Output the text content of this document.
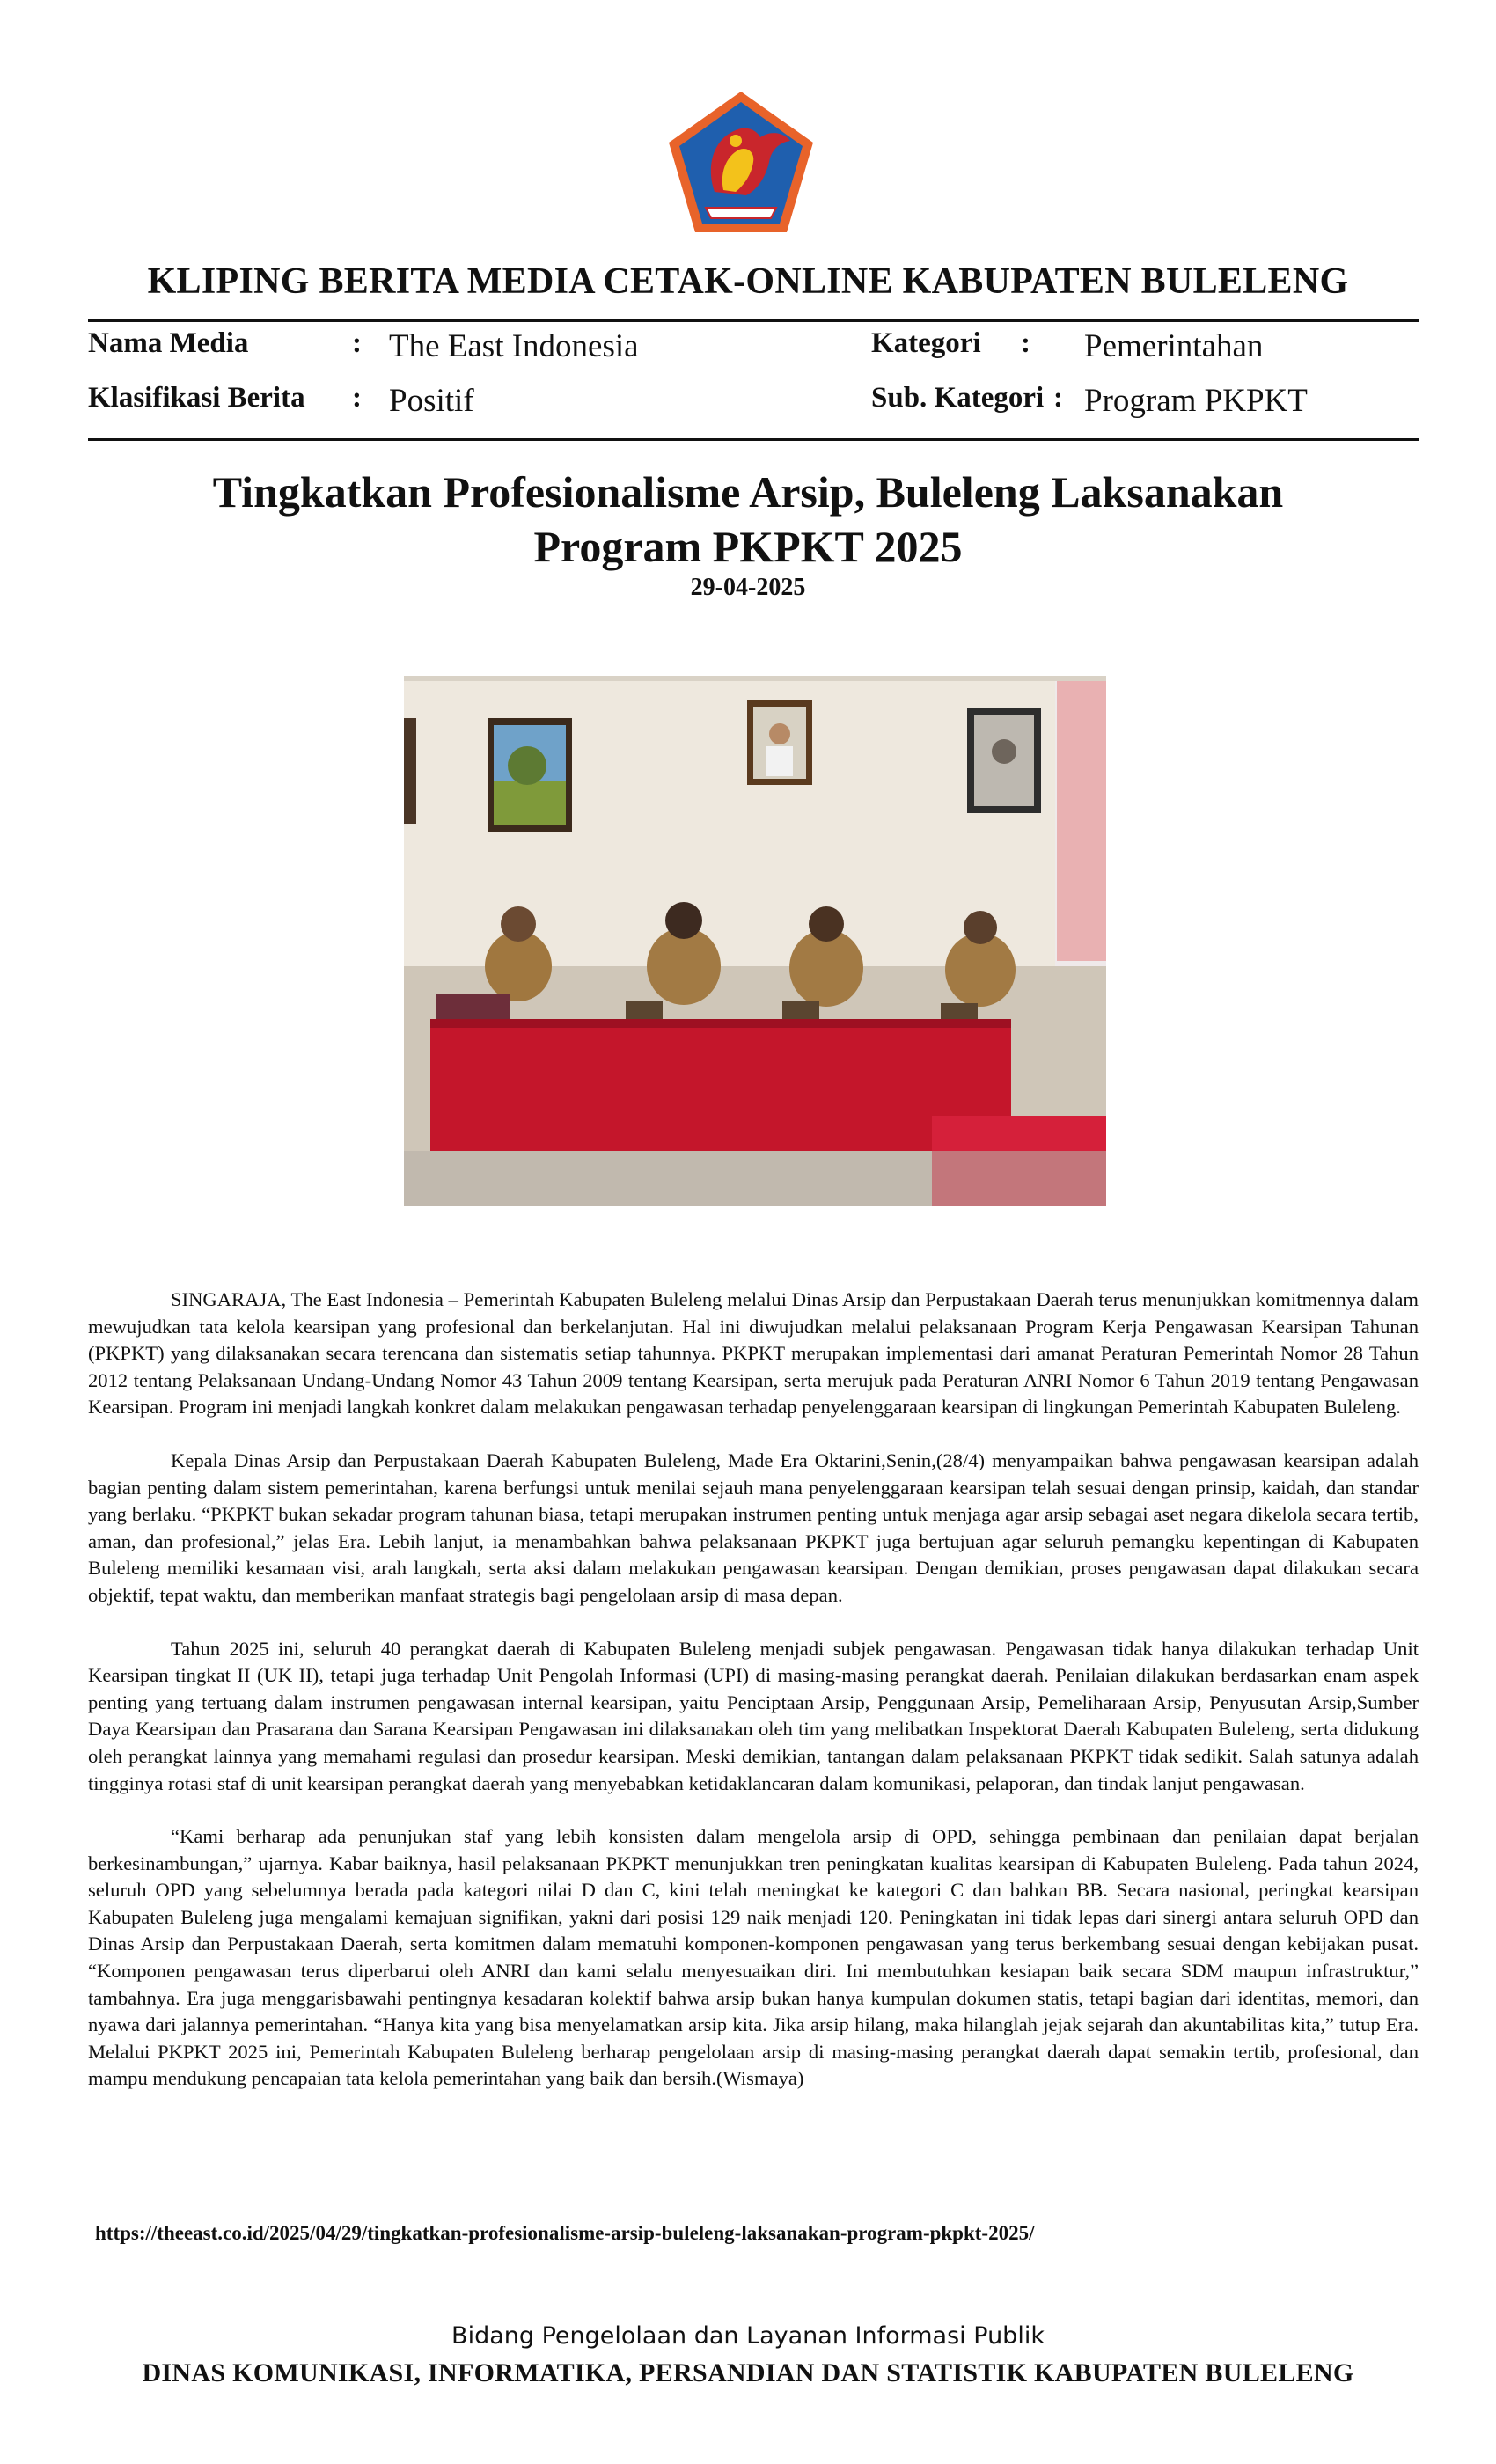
KLIPING BERITA MEDIA CETAK-ONLINE KABUPATEN BULELENG
Nama Media	: The East Indonesia	Kategori : Pemerintahan
Klasifikasi Berita : Positif	Sub. Kategori : Program PKPKT
Tingkatkan Profesionalisme Arsip, Buleleng Laksanakan Program PKPKT 2025
29-04-2025

SINGARAJA, The East Indonesia – Pemerintah Kabupaten Buleleng melalui Dinas Arsip dan Perpustakaan Daerah terus menunjukkan komitmennya dalam mewujudkan tata kelola kearsipan yang profesional dan berkelanjutan. Hal ini diwujudkan melalui pelaksanaan Program Kerja Pengawasan Kearsipan Tahunan (PKPKT) yang dilaksanakan secara terencana dan sistematis setiap tahunnya. PKPKT merupakan implementasi dari amanat Peraturan Pemerintah Nomor 28 Tahun 2012 tentang Pelaksanaan Undang-Undang Nomor 43 Tahun 2009 tentang Kearsipan, serta merujuk pada Peraturan ANRI Nomor 6 Tahun 2019 tentang Pengawasan Kearsipan. Program ini menjadi langkah konkret dalam melakukan pengawasan terhadap penyelenggaraan kearsipan di lingkungan Pemerintah Kabupaten Buleleng.

Kepala Dinas Arsip dan Perpustakaan Daerah Kabupaten Buleleng, Made Era Oktarini,Senin,(28/4) menyampaikan bahwa pengawasan kearsipan adalah bagian penting dalam sistem pemerintahan, karena berfungsi untuk menilai sejauh mana penyelenggaraan kearsipan telah sesuai dengan prinsip, kaidah, dan standar yang berlaku. “PKPKT bukan sekadar program tahunan biasa, tetapi merupakan instrumen penting untuk menjaga agar arsip sebagai aset negara dikelola secara tertib, aman, dan profesional,” jelas Era. Lebih lanjut, ia menambahkan bahwa pelaksanaan PKPKT juga bertujuan agar seluruh pemangku kepentingan di Kabupaten Buleleng memiliki kesamaan visi, arah langkah, serta aksi dalam melakukan pengawasan kearsipan. Dengan demikian, proses pengawasan dapat dilakukan secara objektif, tepat waktu, dan memberikan manfaat strategis bagi pengelolaan arsip di masa depan.

Tahun 2025 ini, seluruh 40 perangkat daerah di Kabupaten Buleleng menjadi subjek pengawasan. Pengawasan tidak hanya dilakukan terhadap Unit Kearsipan tingkat II (UK II), tetapi juga terhadap Unit Pengolah Informasi (UPI) di masing-masing perangkat daerah. Penilaian dilakukan berdasarkan enam aspek penting yang tertuang dalam instrumen pengawasan internal kearsipan, yaitu Penciptaan Arsip, Penggunaan Arsip, Pemeliharaan Arsip, Penyusutan Arsip,Sumber Daya Kearsipan dan Prasarana dan Sarana Kearsipan Pengawasan ini dilaksanakan oleh tim yang melibatkan Inspektorat Daerah Kabupaten Buleleng, serta didukung oleh perangkat lainnya yang memahami regulasi dan prosedur kearsipan. Meski demikian, tantangan dalam pelaksanaan PKPKT tidak sedikit. Salah satunya adalah tingginya rotasi staf di unit kearsipan perangkat daerah yang menyebabkan ketidaklancaran dalam komunikasi, pelaporan, dan tindak lanjut pengawasan.

“Kami berharap ada penunjukan staf yang lebih konsisten dalam mengelola arsip di OPD, sehingga pembinaan dan penilaian dapat berjalan berkesinambungan,” ujarnya. Kabar baiknya, hasil pelaksanaan PKPKT menunjukkan tren peningkatan kualitas kearsipan di Kabupaten Buleleng. Pada tahun 2024, seluruh OPD yang sebelumnya berada pada kategori nilai D dan C, kini telah meningkat ke kategori C dan bahkan BB. Secara nasional, peringkat kearsipan Kabupaten Buleleng juga mengalami kemajuan signifikan, yakni dari posisi 129 naik menjadi 120. Peningkatan ini tidak lepas dari sinergi antara seluruh OPD dan Dinas Arsip dan Perpustakaan Daerah, serta komitmen dalam mematuhi komponen-komponen pengawasan yang terus berkembang sesuai dengan kebijakan pusat. “Komponen pengawasan terus diperbarui oleh ANRI dan kami selalu menyesuaikan diri. Ini membutuhkan kesiapan baik secara SDM maupun infrastruktur,” tambahnya. Era juga menggarisbawahi pentingnya kesadaran kolektif bahwa arsip bukan hanya kumpulan dokumen statis, tetapi bagian dari identitas, memori, dan nyawa dari jalannya pemerintahan. “Hanya kita yang bisa menyelamatkan arsip kita. Jika arsip hilang, maka hilanglah jejak sejarah dan akuntabilitas kita,” tutup Era. Melalui PKPKT 2025 ini, Pemerintah Kabupaten Buleleng berharap pengelolaan arsip di masing-masing perangkat daerah dapat semakin tertib, profesional, dan mampu mendukung pencapaian tata kelola pemerintahan yang baik dan bersih.(Wismaya)

https://theeast.co.id/2025/04/29/tingkatkan-profesionalisme-arsip-buleleng-laksanakan-program-pkpkt-2025/
Bidang Pengelolaan dan Layanan Informasi Publik
DINAS KOMUNIKASI, INFORMATIKA, PERSANDIAN DAN STATISTIK KABUPATEN BULELENG
